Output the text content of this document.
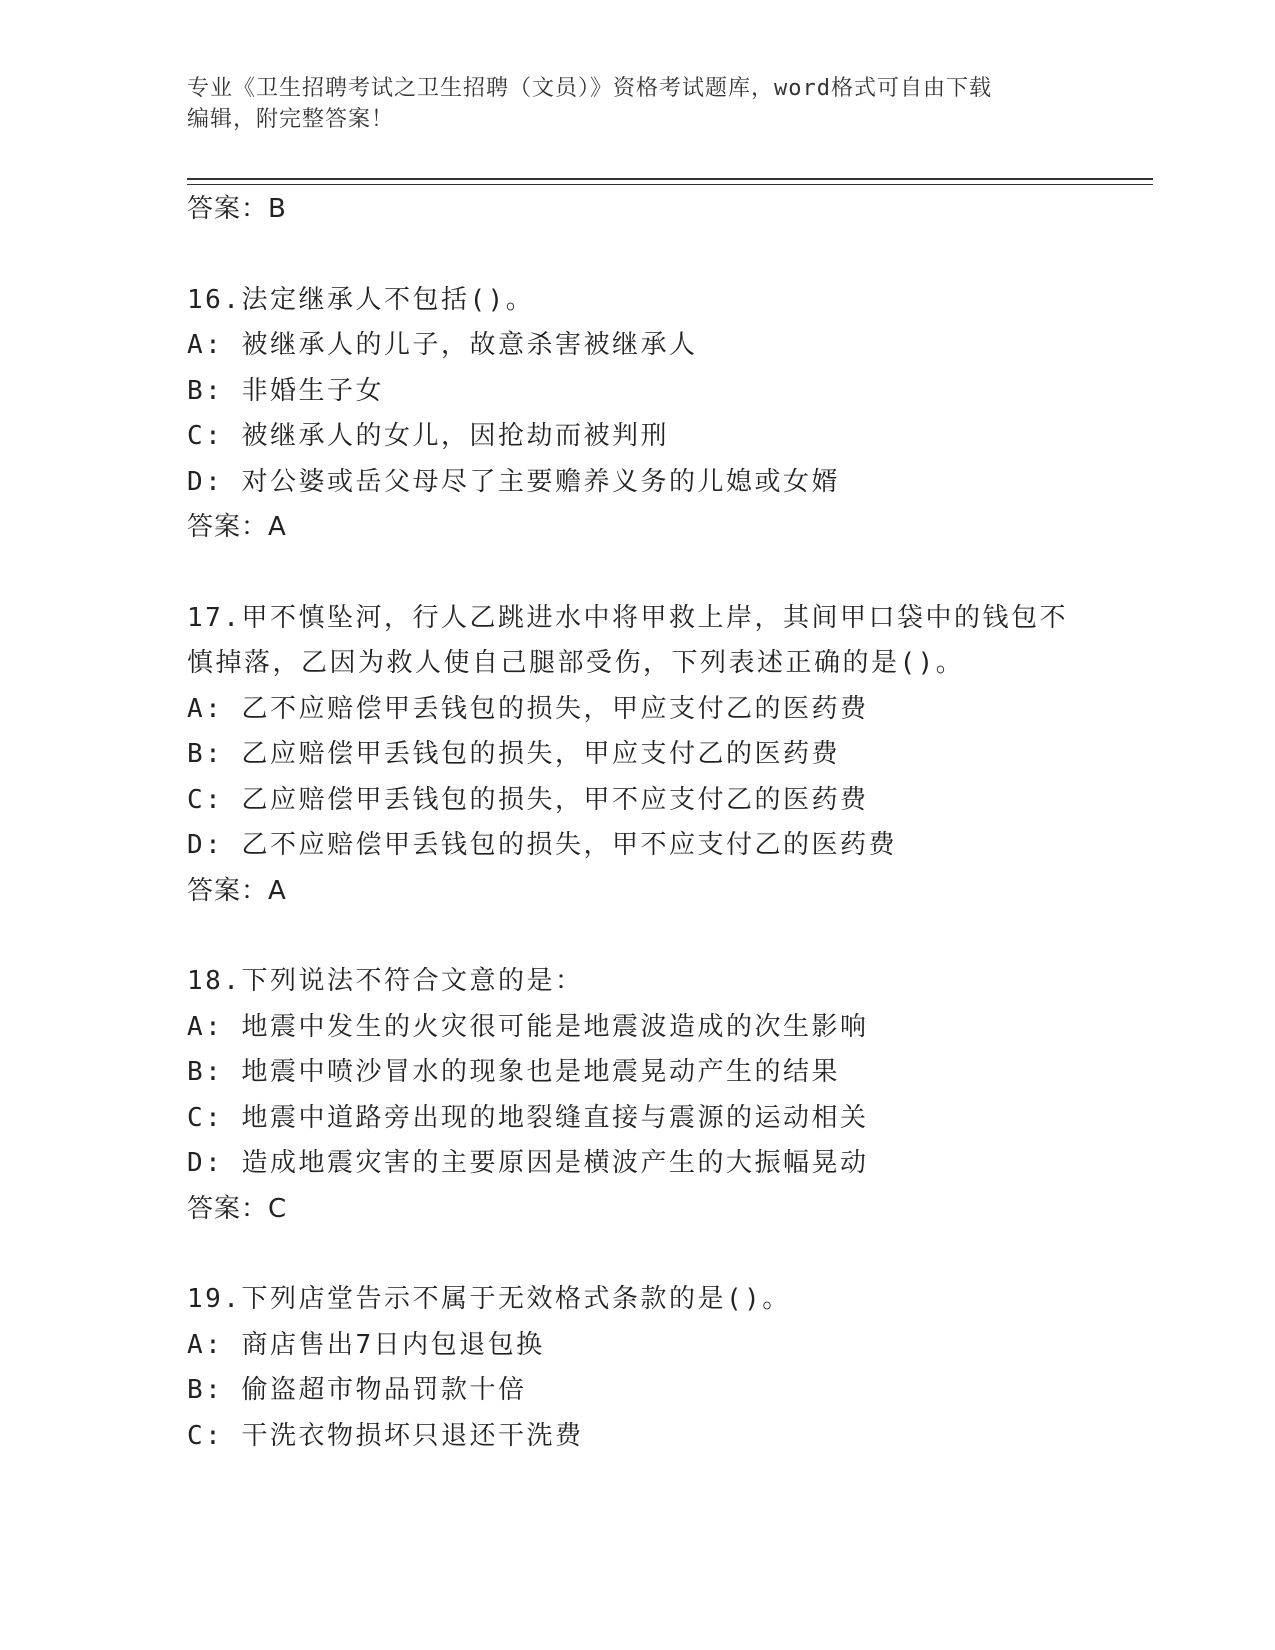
专业《卫生招聘考试之卫生招聘（文员）》资格考试题库，word格式可自由下载
编辑，附完整答案！
答案：B
16.法定继承人不包括()。
A: 被继承人的儿子，故意杀害被继承人
B: 非婚生子女
C: 被继承人的女儿，因抢劫而被判刑
D: 对公婆或岳父母尽了主要赡养义务的儿媳或女婿
答案：A
17.甲不慎坠河，行人乙跳进水中将甲救上岸，其间甲口袋中的钱包不
慎掉落，乙因为救人使自己腿部受伤，下列表述正确的是()。
A: 乙不应赔偿甲丢钱包的损失，甲应支付乙的医药费
B: 乙应赔偿甲丢钱包的损失，甲应支付乙的医药费
C: 乙应赔偿甲丢钱包的损失，甲不应支付乙的医药费
D: 乙不应赔偿甲丢钱包的损失，甲不应支付乙的医药费
答案：A
18.下列说法不符合文意的是：
A: 地震中发生的火灾很可能是地震波造成的次生影响
B: 地震中喷沙冒水的现象也是地震晃动产生的结果
C: 地震中道路旁出现的地裂缝直接与震源的运动相关
D: 造成地震灾害的主要原因是横波产生的大振幅晃动
答案：C
19.下列店堂告示不属于无效格式条款的是()。
A: 商店售出7日内包退包换
B: 偷盗超市物品罚款十倍
C: 干洗衣物损坏只退还干洗费
